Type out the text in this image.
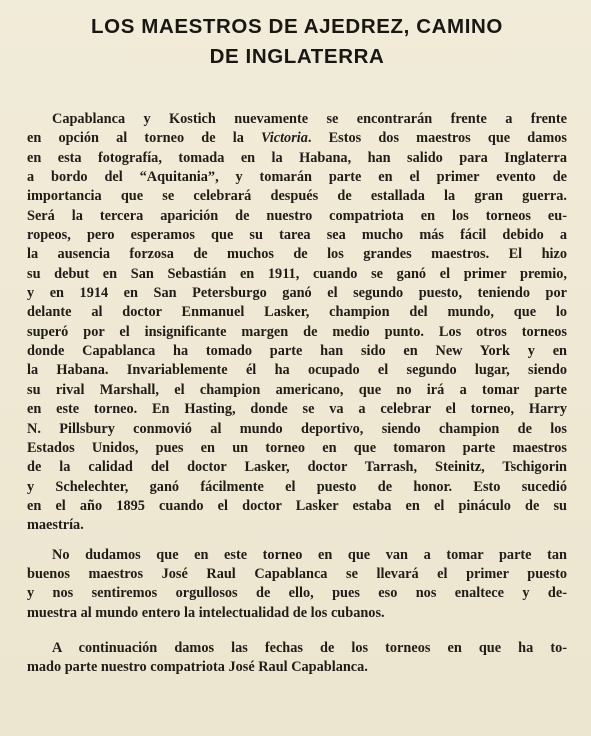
LOS MAESTROS DE AJEDREZ, CAMINO
DE INGLATERRA

Capablanca y Kostich nuevamente se encontrarán frente a frente
en opción al torneo de la Victoria. Estos dos maestros que damos
en esta fotografía, tomada en la Habana, han salido para Inglaterra
a bordo del “Aquitania”, y tomarán parte en el primer evento de
importancia que se celebrará después de estallada la gran guerra.
Será la tercera aparición de nuestro compatriota en los torneos eu-
ropeos, pero esperamos que su tarea sea mucho más fácil debido a
la ausencia forzosa de muchos de los grandes maestros. El hizo
su debut en San Sebastián en 1911, cuando se ganó el primer premio,
y en 1914 en San Petersburgo ganó el segundo puesto, teniendo por
delante al doctor Enmanuel Lasker, champion del mundo, que lo
superó por el insignificante margen de medio punto. Los otros torneos
donde Capablanca ha tomado parte han sido en New York y en
la Habana. Invariablemente él ha ocupado el segundo lugar, siendo
su rival Marshall, el champion americano, que no irá a tomar parte
en este torneo. En Hasting, donde se va a celebrar el torneo, Harry
N. Pillsbury conmovió al mundo deportivo, siendo champion de los
Estados Unidos, pues en un torneo en que tomaron parte maestros
de la calidad del doctor Lasker, doctor Tarrash, Steinitz, Tschigorin
y Schelechter, ganó fácilmente el puesto de honor. Esto sucedió
en el año 1895 cuando el doctor Lasker estaba en el pináculo de su
maestría.

No dudamos que en este torneo en que van a tomar parte tan
buenos maestros José Raul Capablanca se llevará el primer puesto
y nos sentiremos orgullosos de ello, pues eso nos enaltece y de-
muestra al mundo entero la intelectualidad de los cubanos.

A continuación damos las fechas de los torneos en que ha to-
mado parte nuestro compatriota José Raul Capablanca.
